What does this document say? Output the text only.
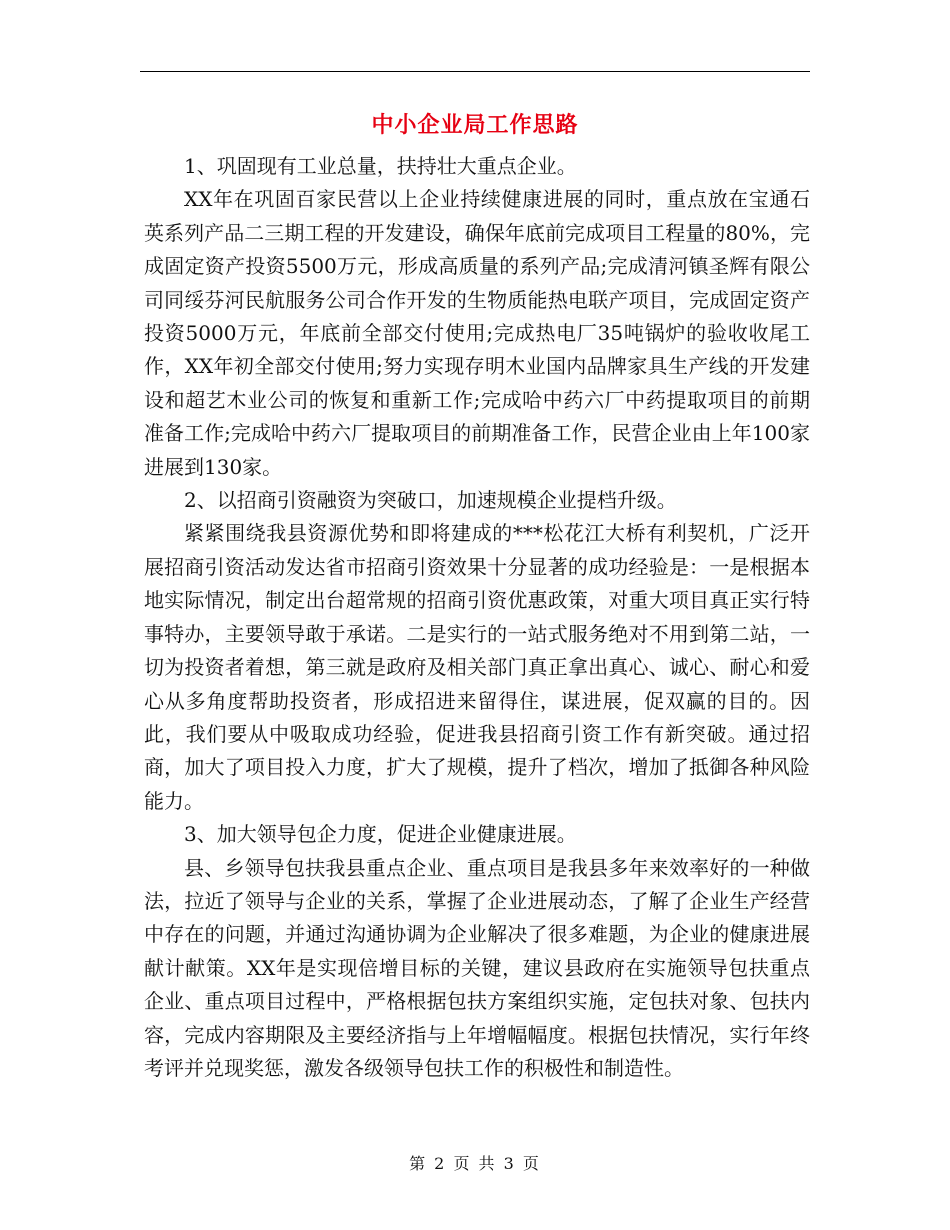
中小企业局工作思路

1、巩固现有工业总量，扶持壮大重点企业。

XX年在巩固百家民营以上企业持续健康进展的同时，重点放在宝通石英系列产品二三期工程的开发建设，确保年底前完成项目工程量的80%，完成固定资产投资5500万元，形成高质量的系列产品;完成清河镇圣辉有限公司同绥芬河民航服务公司合作开发的生物质能热电联产项目，完成固定资产投资5000万元，年底前全部交付使用;完成热电厂35吨锅炉的验收收尾工作，XX年初全部交付使用;努力实现存明木业国内品牌家具生产线的开发建设和超艺木业公司的恢复和重新工作;完成哈中药六厂中药提取项目的前期准备工作;完成哈中药六厂提取项目的前期准备工作，民营企业由上年100家进展到130家。

2、以招商引资融资为突破口，加速规模企业提档升级。

紧紧围绕我县资源优势和即将建成的***松花江大桥有利契机，广泛开展招商引资活动发达省市招商引资效果十分显著的成功经验是：一是根据本地实际情况，制定出台超常规的招商引资优惠政策，对重大项目真正实行特事特办，主要领导敢于承诺。二是实行的一站式服务绝对不用到第二站，一切为投资者着想，第三就是政府及相关部门真正拿出真心、诚心、耐心和爱心从多角度帮助投资者，形成招进来留得住，谋进展，促双赢的目的。因此，我们要从中吸取成功经验，促进我县招商引资工作有新突破。通过招商，加大了项目投入力度，扩大了规模，提升了档次，增加了抵御各种风险能力。

3、加大领导包企力度，促进企业健康进展。

县、乡领导包扶我县重点企业、重点项目是我县多年来效率好的一种做法，拉近了领导与企业的关系，掌握了企业进展动态，了解了企业生产经营中存在的问题，并通过沟通协调为企业解决了很多难题，为企业的健康进展献计献策。XX年是实现倍增目标的关键，建议县政府在实施领导包扶重点企业、重点项目过程中，严格根据包扶方案组织实施，定包扶对象、包扶内容，完成内容期限及主要经济指与上年增幅幅度。根据包扶情况，实行年终考评并兑现奖惩，激发各级领导包扶工作的积极性和制造性。

第 2 页 共 3 页
